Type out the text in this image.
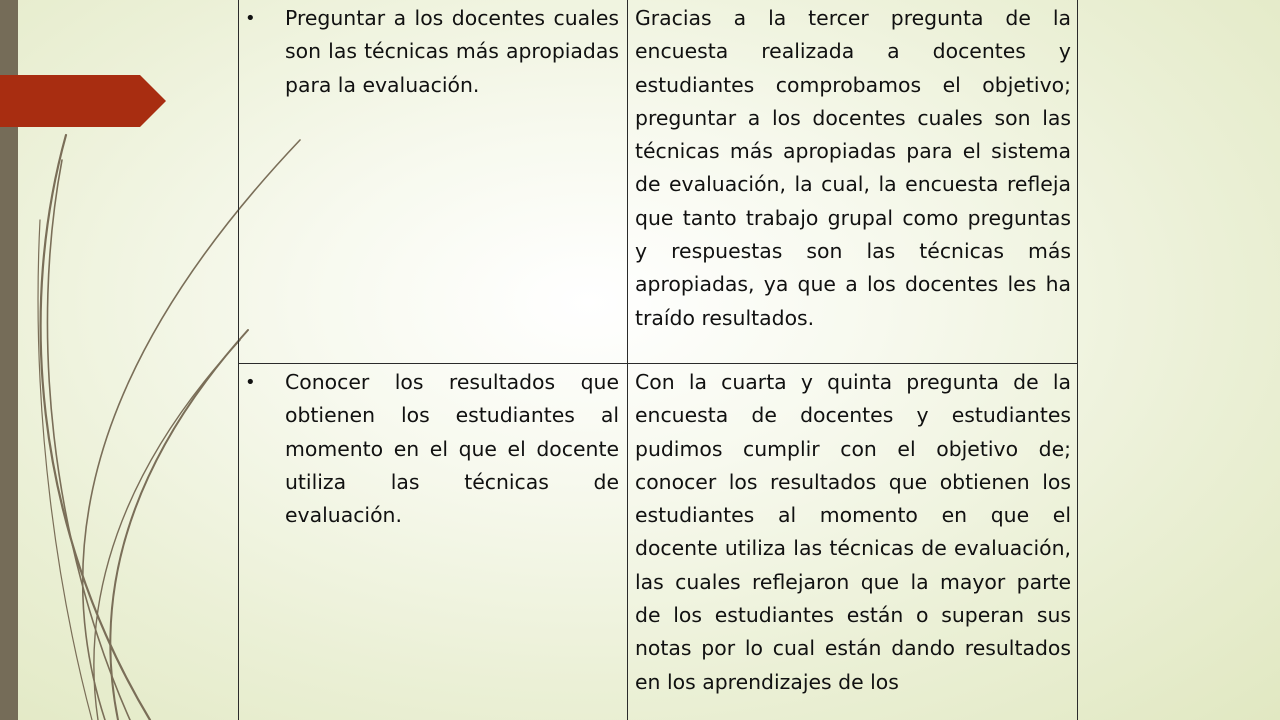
•	Preguntar a los docentes cuales son las técnicas más apropiadas para la evaluación.

Gracias a la tercer pregunta de la encuesta realizada a docentes y estudiantes comprobamos el objetivo; preguntar a los docentes cuales son las técnicas más apropiadas para el sistema de evaluación, la cual, la encuesta refleja que tanto trabajo grupal como preguntas y respuestas son las técnicas más apropiadas, ya que a los docentes les ha traído resultados.

•	Conocer los resultados que obtienen los estudiantes al momento en el que el docente utiliza las técnicas de evaluación.

Con la cuarta y quinta pregunta de la encuesta de docentes y estudiantes pudimos cumplir con el objetivo de; conocer los resultados que obtienen los estudiantes al momento en que el docente utiliza las técnicas de evaluación, las cuales reflejaron que la mayor parte de los estudiantes están o superan sus notas por lo cual están dando resultados en los aprendizajes de los
